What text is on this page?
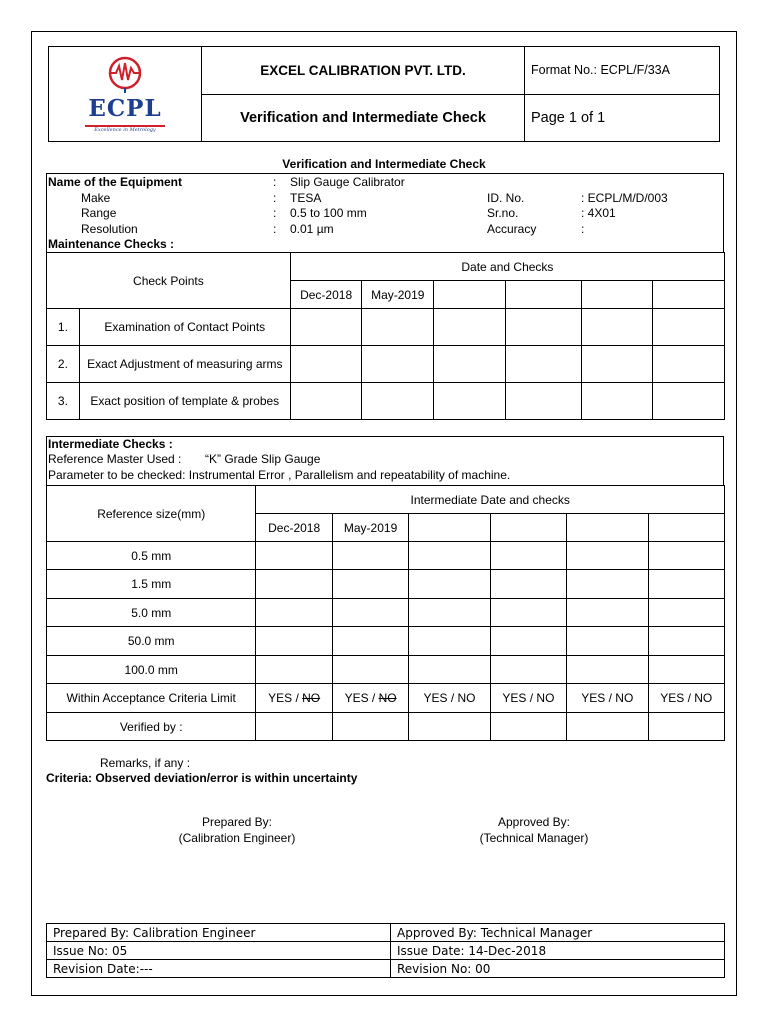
ECPL
Excellence in Metrology	EXCEL CALIBRATION PVT. LTD.	Format No.: ECPL/F/33A
	Verification and Intermediate Check	Page 1 of 1
Verification and Intermediate Check
Name of the Equipment	: Slip Gauge Calibrator
Make	: TESA	ID. No.	: ECPL/M/D/003
Range	: 0.5 to 100 mm	Sr.no.	: 4X01
Resolution	: 0.01 µm	Accuracy	:
Maintenance Checks :
Check Points		Date and Checks					
		Dec-2018	May-2019				
1.	Examination of Contact Points						
2.	Exact Adjustment of measuring arms						
3.	Exact position of template & probes						
Intermediate Checks :
Reference Master Used : “K” Grade Slip Gauge
Parameter to be checked: Instrumental Error , Parallelism and repeatability of machine.
Reference size(mm)	Intermediate Date and checks					
	Dec-2018	May-2019				
0.5 mm						
1.5 mm						
5.0 mm						
50.0 mm						
100.0 mm						
Within Acceptance Criteria Limit	YES / NO	YES / NO	YES / NO	YES / NO	YES / NO	YES / NO
Verified by :						
Remarks, if any :
Criteria: Observed deviation/error is within uncertainty
Prepared By:
(Calibration Engineer)
Approved By:
(Technical Manager)
Prepared By: Calibration Engineer	Approved By: Technical Manager
Issue No: 05	Issue Date: 14-Dec-2018
Revision Date:---	Revision No: 00
